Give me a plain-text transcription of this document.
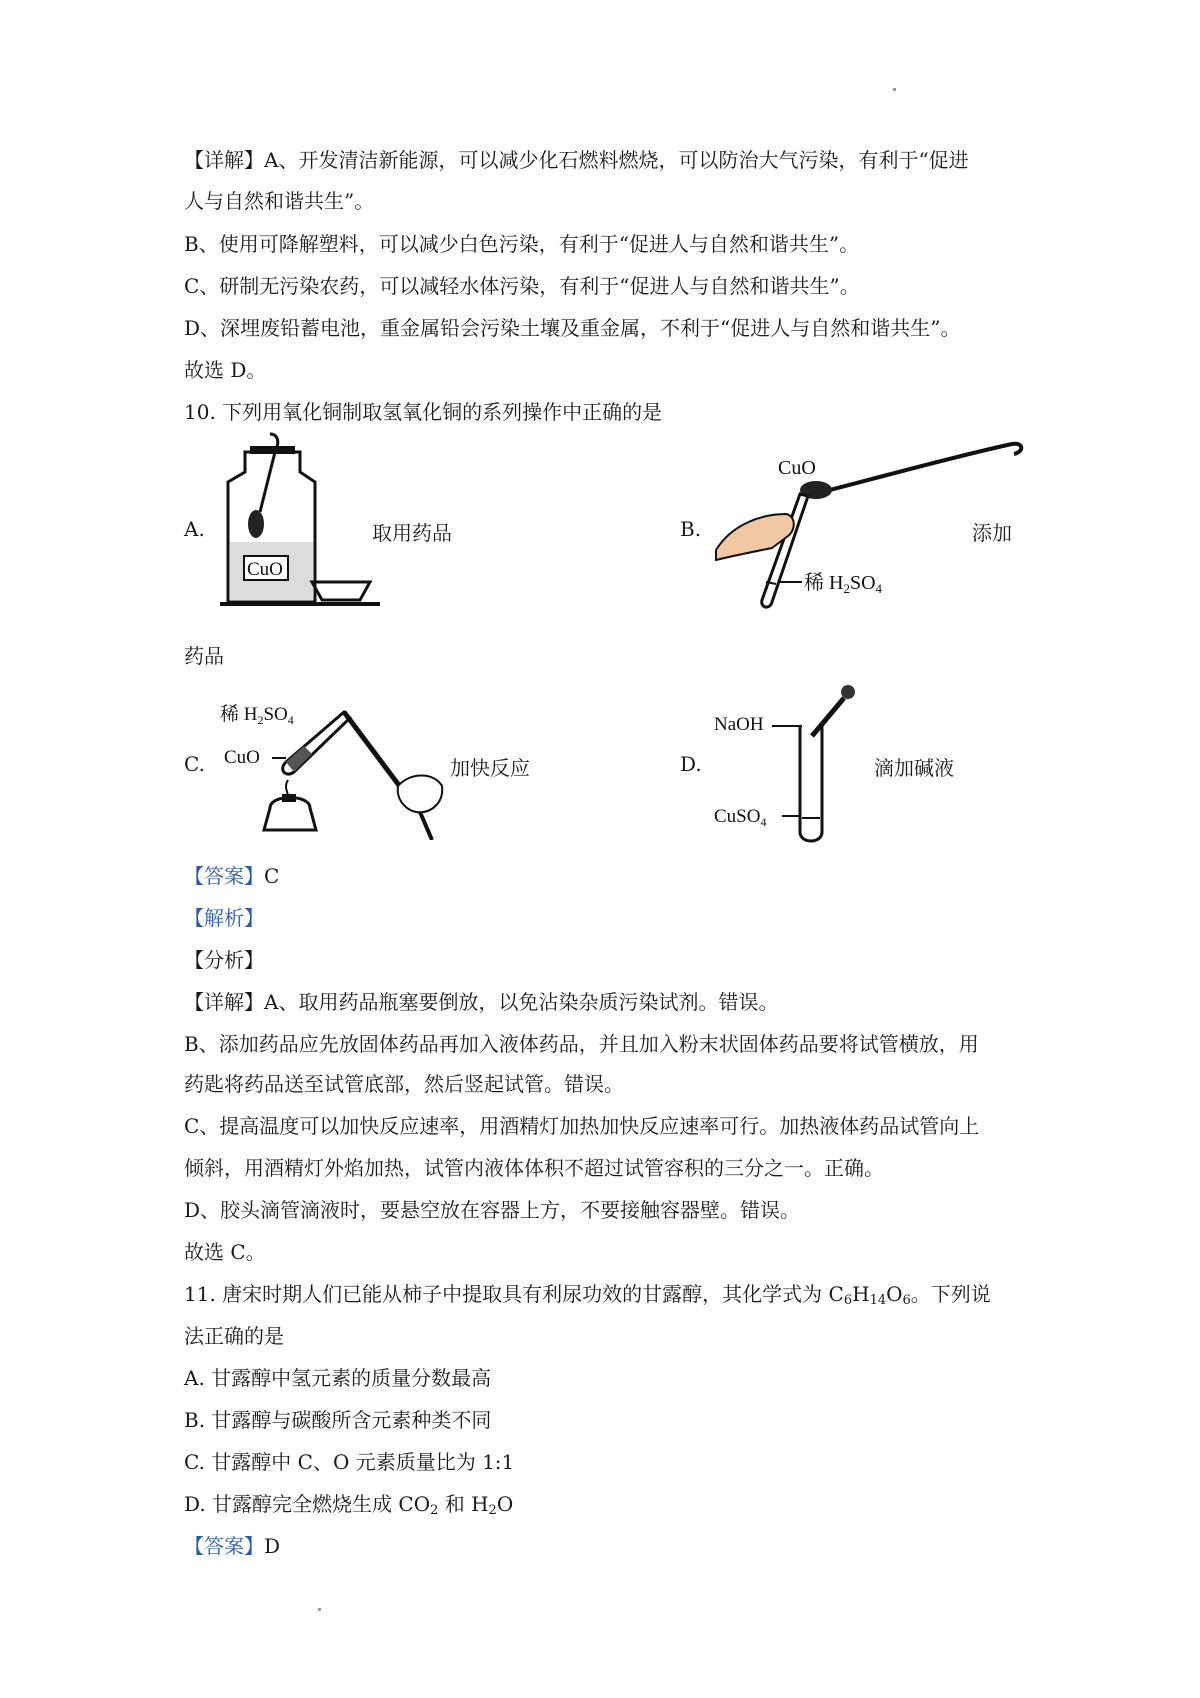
【详解】A、开发清洁新能源，可以减少化石燃料燃烧，可以防治大气污染，有利于“促进
人与自然和谐共生”。
B、使用可降解塑料，可以减少白色污染，有利于“促进人与自然和谐共生”。
C、研制无污染农药，可以减轻水体污染，有利于“促进人与自然和谐共生”。
D、深埋废铅蓄电池，重金属铅会污染土壤及重金属，不利于“促进人与自然和谐共生”。
故选 D。
10. 下列用氧化铜制取氢氧化铜的系列操作中正确的是
A.
CuO
取用药品	B.
CuO
稀 $H_2SO_4$
添加
药品
C.
稀 $H_2SO_4$
CuO	加快反应	D.
NaOH
CuSO$_4$
滴加碱液
【答案】C
【解析】
【分析】
【详解】A、取用药品瓶塞要倒放，以免沾染杂质污染试剂。错误。
B、添加药品应先放固体药品再加入液体药品，并且加入粉末状固体药品要将试管横放，用
药匙将药品送至试管底部，然后竖起试管。错误。
C、提高温度可以加快反应速率，用酒精灯加热加快反应速率可行。加热液体药品试管向上
倾斜，用酒精灯外焰加热，试管内液体体积不超过试管容积的三分之一。正确。
D、胶头滴管滴液时，要悬空放在容器上方，不要接触容器壁。错误。
故选 C。
11. 唐宋时期人们已能从柿子中提取具有利尿功效的甘露醇，其化学式为 $C_6H_{14}O_6$。下列说
法正确的是
A. 甘露醇中氢元素的质量分数最高
B. 甘露醇与碳酸所含元素种类不同
C. 甘露醇中 C、O 元素质量比为 1:1
D. 甘露醇完全燃烧生成 $CO_2$ 和 $H_2O$
【答案】D
